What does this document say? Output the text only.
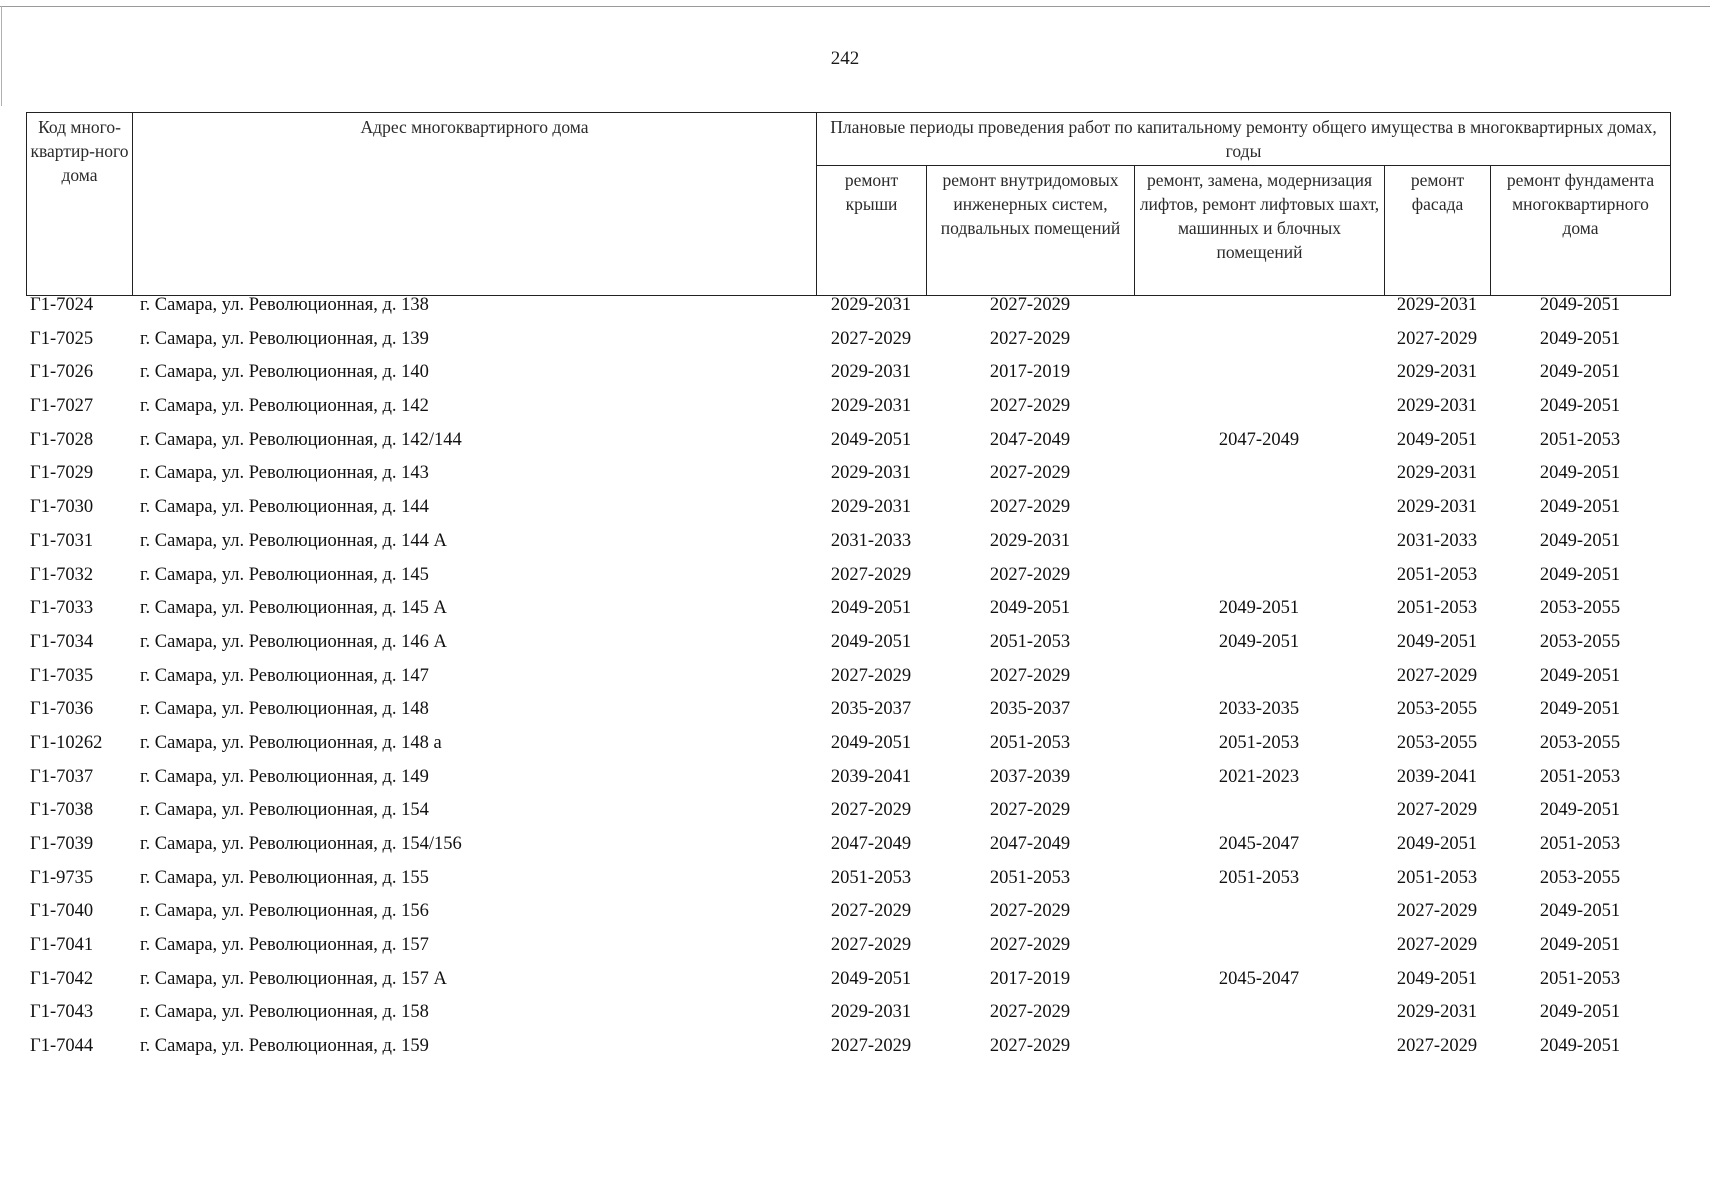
242
Код много-квартир-ного дома	Адрес многоквартирного дома	Плановые периоды проведения работ по капитальному ремонту общего имущества в многоквартирных домах, годы				
		ремонт крыши	ремонт внутридомовых инженерных систем, подвальных помещений	ремонт, замена, модернизация лифтов, ремонт лифтовых шахт, машинных и блочных помещений	ремонт фасада	ремонт фундамента многоквартирного дома
Г1-7024	г. Самара, ул. Революционная, д. 138	2029-2031	2027-2029		2029-2031	2049-2051
Г1-7025	г. Самара, ул. Революционная, д. 139	2027-2029	2027-2029		2027-2029	2049-2051
Г1-7026	г. Самара, ул. Революционная, д. 140	2029-2031	2017-2019		2029-2031	2049-2051
Г1-7027	г. Самара, ул. Революционная, д. 142	2029-2031	2027-2029		2029-2031	2049-2051
Г1-7028	г. Самара, ул. Революционная, д. 142/144	2049-2051	2047-2049	2047-2049	2049-2051	2051-2053
Г1-7029	г. Самара, ул. Революционная, д. 143	2029-2031	2027-2029		2029-2031	2049-2051
Г1-7030	г. Самара, ул. Революционная, д. 144	2029-2031	2027-2029		2029-2031	2049-2051
Г1-7031	г. Самара, ул. Революционная, д. 144 А	2031-2033	2029-2031		2031-2033	2049-2051
Г1-7032	г. Самара, ул. Революционная, д. 145	2027-2029	2027-2029		2051-2053	2049-2051
Г1-7033	г. Самара, ул. Революционная, д. 145 А	2049-2051	2049-2051	2049-2051	2051-2053	2053-2055
Г1-7034	г. Самара, ул. Революционная, д. 146 А	2049-2051	2051-2053	2049-2051	2049-2051	2053-2055
Г1-7035	г. Самара, ул. Революционная, д. 147	2027-2029	2027-2029		2027-2029	2049-2051
Г1-7036	г. Самара, ул. Революционная, д. 148	2035-2037	2035-2037	2033-2035	2053-2055	2049-2051
Г1-10262	г. Самара, ул. Революционная, д. 148 а	2049-2051	2051-2053	2051-2053	2053-2055	2053-2055
Г1-7037	г. Самара, ул. Революционная, д. 149	2039-2041	2037-2039	2021-2023	2039-2041	2051-2053
Г1-7038	г. Самара, ул. Революционная, д. 154	2027-2029	2027-2029		2027-2029	2049-2051
Г1-7039	г. Самара, ул. Революционная, д. 154/156	2047-2049	2047-2049	2045-2047	2049-2051	2051-2053
Г1-9735	г. Самара, ул. Революционная, д. 155	2051-2053	2051-2053	2051-2053	2051-2053	2053-2055
Г1-7040	г. Самара, ул. Революционная, д. 156	2027-2029	2027-2029		2027-2029	2049-2051
Г1-7041	г. Самара, ул. Революционная, д. 157	2027-2029	2027-2029		2027-2029	2049-2051
Г1-7042	г. Самара, ул. Революционная, д. 157 А	2049-2051	2017-2019	2045-2047	2049-2051	2051-2053
Г1-7043	г. Самара, ул. Революционная, д. 158	2029-2031	2027-2029		2029-2031	2049-2051
Г1-7044	г. Самара, ул. Революционная, д. 159	2027-2029	2027-2029		2027-2029	2049-2051
